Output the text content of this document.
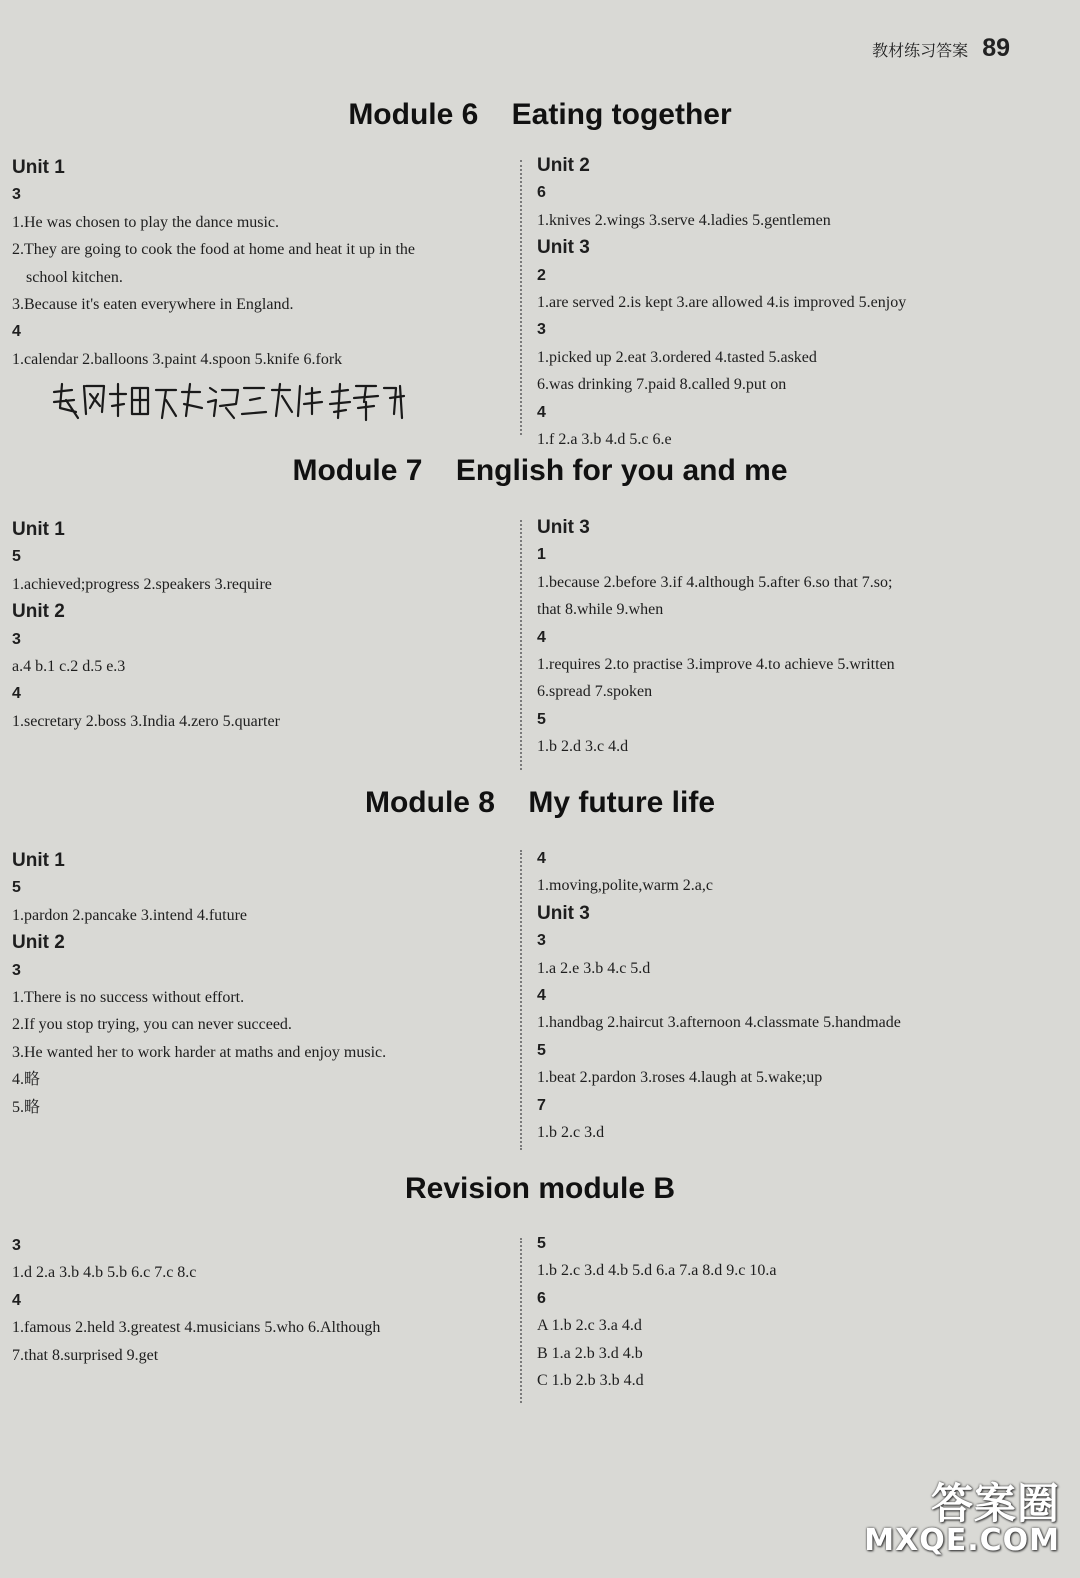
教材练习答案 89
Module 6    Eating together
Unit 1
3
1.He was chosen to play the dance music.
2.They are going to cook the food at home and heat it up in the
school kitchen.
3.Because it's eaten everywhere in England.
4
1.calendar 2.balloons 3.paint 4.spoon 5.knife 6.fork
Unit 2
6
1.knives 2.wings 3.serve 4.ladies 5.gentlemen
Unit 3
2
1.are served 2.is kept 3.are allowed 4.is improved 5.enjoy
3
1.picked up 2.eat 3.ordered 4.tasted 5.asked
6.was drinking 7.paid 8.called 9.put on
4
1.f 2.a 3.b 4.d 5.c 6.e
Module 7    English for you and me
Unit 1
5
1.achieved;progress 2.speakers 3.require
Unit 2
3
a.4 b.1 c.2 d.5 e.3
4
1.secretary 2.boss 3.India 4.zero 5.quarter
Unit 3
1
1.because 2.before 3.if 4.although 5.after 6.so that 7.so;
that 8.while 9.when
4
1.requires 2.to practise 3.improve 4.to achieve 5.written
6.spread 7.spoken
5
1.b 2.d 3.c 4.d
Module 8    My future life
Unit 1
5
1.pardon 2.pancake 3.intend 4.future
Unit 2
3
1.There is no success without effort.
2.If you stop trying, you can never succeed.
3.He wanted her to work harder at maths and enjoy music.
4.略
5.略
4
1.moving,polite,warm 2.a,c
Unit 3
3
1.a 2.e 3.b 4.c 5.d
4
1.handbag 2.haircut 3.afternoon 4.classmate 5.handmade
5
1.beat 2.pardon 3.roses 4.laugh at 5.wake;up
7
1.b 2.c 3.d
Revision module B
3
1.d 2.a 3.b 4.b 5.b 6.c 7.c 8.c
4
1.famous 2.held 3.greatest 4.musicians 5.who 6.Although
7.that 8.surprised 9.get
5
1.b 2.c 3.d 4.b 5.d 6.a 7.a 8.d 9.c 10.a
6
A 1.b 2.c 3.a 4.d
B 1.a 2.b 3.d 4.b
C 1.b 2.b 3.b 4.d
答案圈
MXQE.COM
